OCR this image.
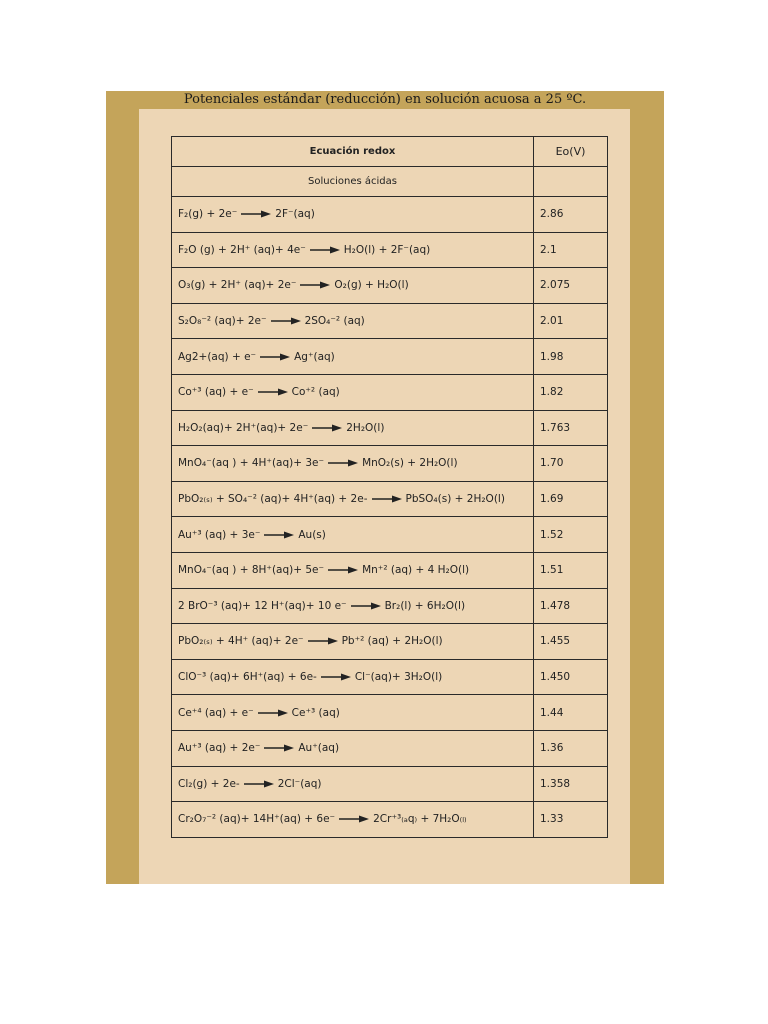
Potenciales estándar (reducción) en solución acuosa a 25 ºC.
Ecuación redox	Eo(V)
Soluciones ácidas	
F₂(g) + 2e⁻ 2F⁻(aq)	2.86
F₂O (g) + 2H⁺ (aq)+ 4e⁻ H₂O(l) + 2F⁻(aq)	2.1
O₃(g) + 2H⁺ (aq)+ 2e⁻ O₂(g) + H₂O(l)	2.075
S₂O₈⁻² (aq)+ 2e⁻ 2SO₄⁻² (aq)	2.01
Ag2+(aq) + e⁻ Ag⁺(aq)	1.98
Co⁺³ (aq) + e⁻ Co⁺² (aq)	1.82
H₂O₂(aq)+ 2H⁺(aq)+ 2e⁻ 2H₂O(l)	1.763
MnO₄⁻(aq ) + 4H⁺(aq)+ 3e⁻ MnO₂(s) + 2H₂O(l)	1.70
PbO₂₍ₛ₎ + SO₄⁻² (aq)+ 4H⁺(aq) + 2e- PbSO₄(s) + 2H₂O(l)	1.69
Au⁺³ (aq) + 3e⁻ Au(s)	1.52
MnO₄⁻(aq ) + 8H⁺(aq)+ 5e⁻ Mn⁺² (aq) + 4 H₂O(l)	1.51
2 BrO⁻³ (aq)+ 12 H⁺(aq)+ 10 e⁻ Br₂(l) + 6H₂O(l)	1.478
PbO₂₍ₛ₎ + 4H⁺ (aq)+ 2e⁻ Pb⁺² (aq) + 2H₂O(l)	1.455
ClO⁻³ (aq)+ 6H⁺(aq) + 6e- Cl⁻(aq)+ 3H₂O(l)	1.450
Ce⁺⁴ (aq) + e⁻ Ce⁺³ (aq)	1.44
Au⁺³ (aq) + 2e⁻ Au⁺(aq)	1.36
Cl₂(g) + 2e- 2Cl⁻(aq)	1.358
Cr₂O₇⁻² (aq)+ 14H⁺(aq) + 6e⁻ 2Cr⁺³₍ₐq₎ + 7H₂O₍ₗ₎	1.33
